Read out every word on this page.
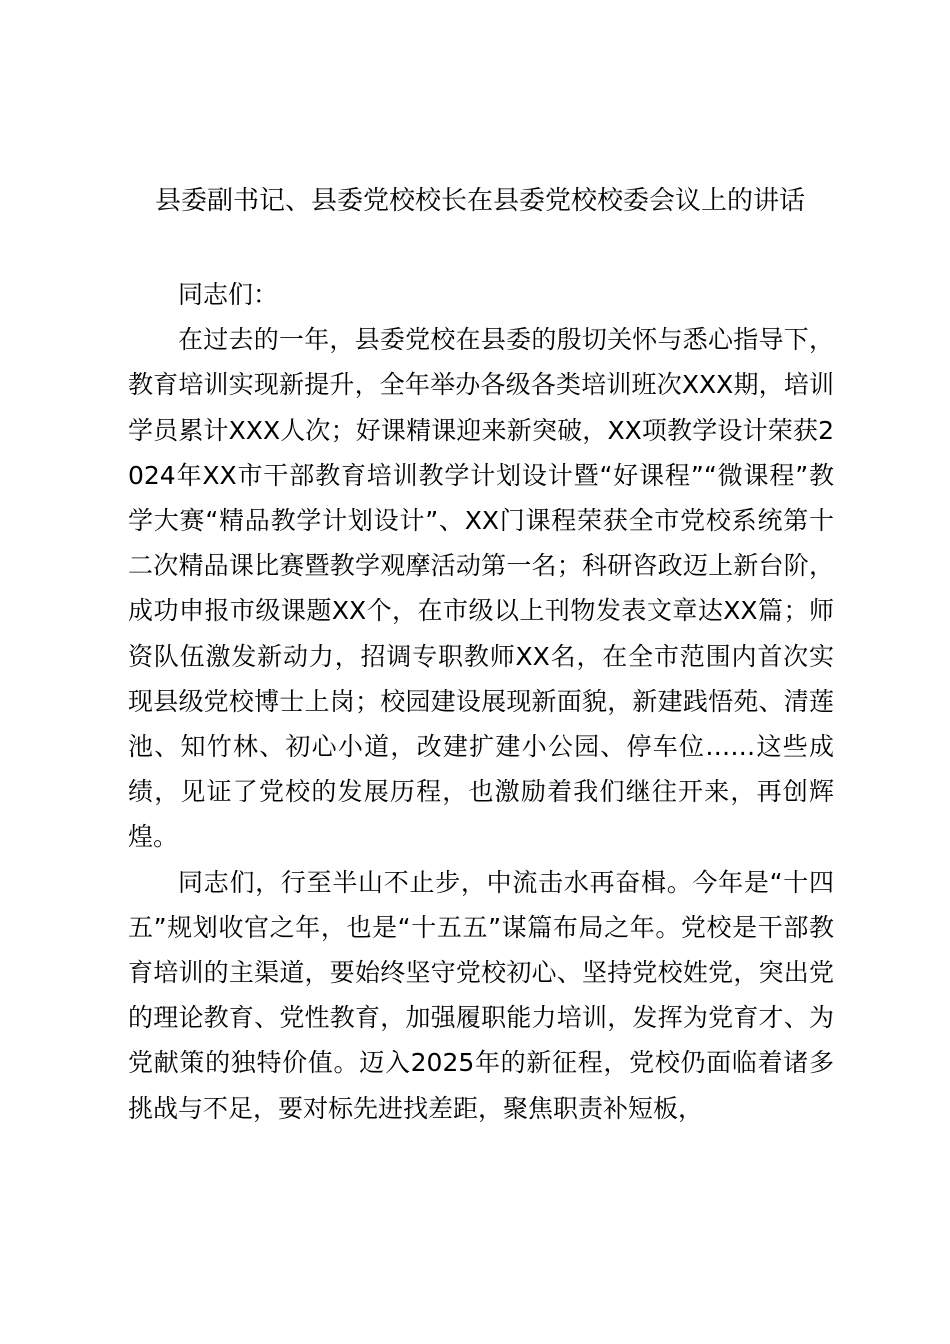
县委副书记、县委党校校长在县委党校校委会议上的讲话

同志们：

在过去的一年，县委党校在县委的殷切关怀与悉心指导下，教育培训实现新提升，全年举办各级各类培训班次XXX期，培训学员累计XXX人次；好课精课迎来新突破，XX项教学设计荣获2024年XX市干部教育培训教学计划设计暨“好课程”“微课程”教学大赛“精品教学计划设计”、XX门课程荣获全市党校系统第十二次精品课比赛暨教学观摩活动第一名；科研咨政迈上新台阶，成功申报市级课题XX个，在市级以上刊物发表文章达XX篇；师资队伍激发新动力，招调专职教师XX名，在全市范围内首次实现县级党校博士上岗；校园建设展现新面貌，新建践悟苑、清莲池、知竹林、初心小道，改建扩建小公园、停车位……这些成绩，见证了党校的发展历程，也激励着我们继往开来，再创辉煌。

同志们，行至半山不止步，中流击水再奋楫。今年是“十四五”规划收官之年，也是“十五五”谋篇布局之年。党校是干部教育培训的主渠道，要始终坚守党校初心、坚持党校姓党，突出党的理论教育、党性教育，加强履职能力培训，发挥为党育才、为党献策的独特价值。迈入2025年的新征程，党校仍面临着诸多挑战与不足，要对标先进找差距，聚焦职责补短板，
